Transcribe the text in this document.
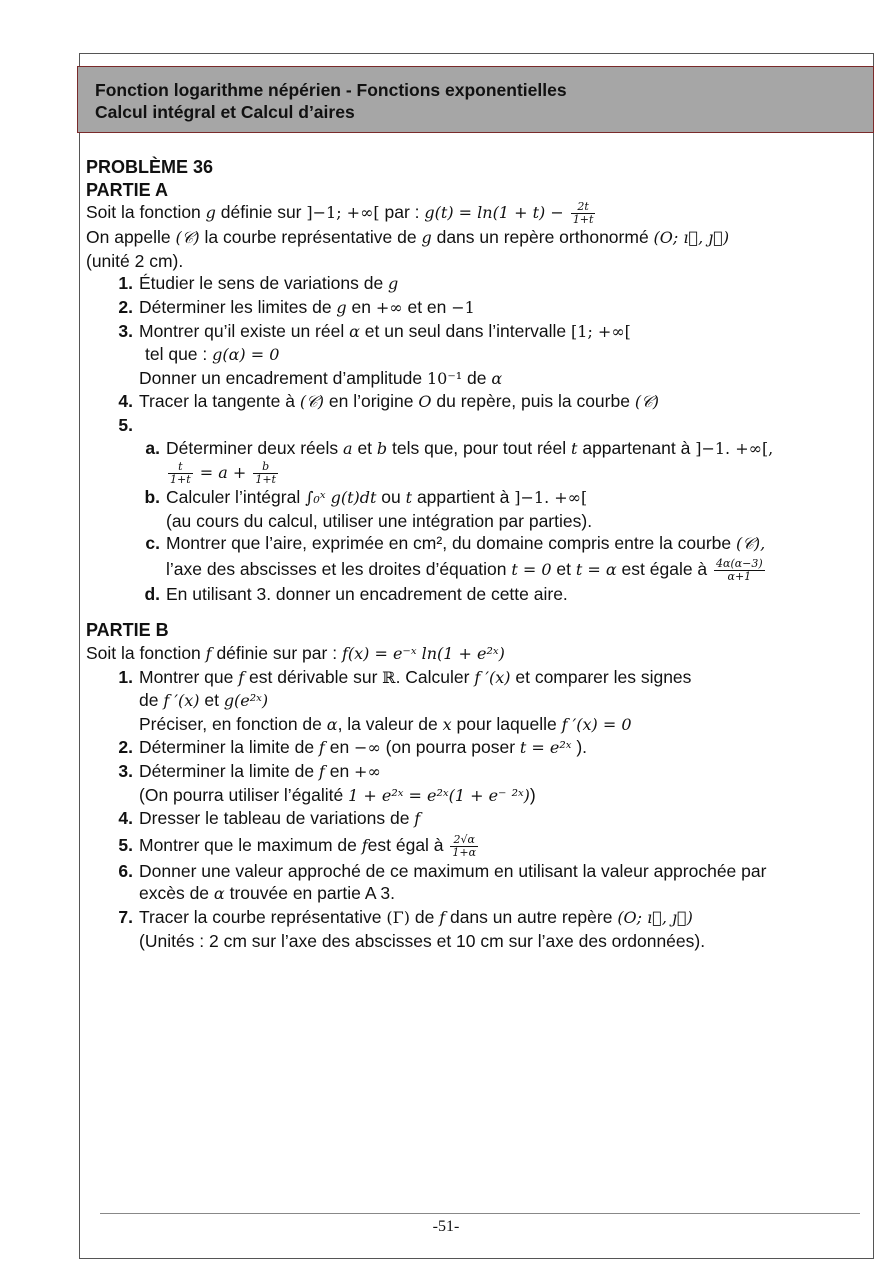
Fonction logarithme népérien - Fonctions exponentielles
Calcul intégral et Calcul d’aires
PROBLÈME 36
PARTIE A
Soit la fonction g définie sur ]−1; +∞[ par : $g(t) = \ln(1 + t) - \frac{2t}{1+t}$
On appelle (𝒞) la courbe représentative de g dans un repère orthonormé (O; ı⃗, ȷ⃗)
(unité 2 cm).
1. Étudier le sens de variations de g
2. Déterminer les limites de g en +∞ et en −1
3. Montrer qu’il existe un réel α et un seul dans l’intervalle [1; +∞[
tel que : g(α) = 0
Donner un encadrement d’amplitude 10⁻¹ de α
4. Tracer la tangente à (𝒞) en l’origine O du repère, puis la courbe (𝒞)
5.
a. Déterminer deux réels a et b tels que, pour tout réel t appartenant à ]−1. +∞[,
$\frac{t}{1+t} = a + \frac{b}{1+t}$
b. Calculer l’intégral ∫₀ˣ g(t)dt ou t appartient à ]−1. +∞[
(au cours du calcul, utiliser une intégration par parties).
c. Montrer que l’aire, exprimée en cm², du domaine compris entre la courbe (𝒞),
l’axe des abscisses et les droites d’équation t = 0 et t = α est égale à $\frac{4\alpha(\alpha-3)}{\alpha+1}$
d. En utilisant 3. donner un encadrement de cette aire.
PARTIE B
Soit la fonction f définie sur par : f(x) = e⁻ˣ ln(1 + e²ˣ)
1. Montrer que f est dérivable sur ℝ. Calculer f ′(x) et comparer les signes
de f ′(x) et g(e²ˣ)
Préciser, en fonction de α, la valeur de x pour laquelle f ′(x) = 0
2. Déterminer la limite de f en −∞ (on pourra poser t = e²ˣ ).
3. Déterminer la limite de f en +∞
(On pourra utiliser l’égalité 1 + e²ˣ = e²ˣ(1 + e⁻ ²ˣ))
4. Dresser le tableau de variations de f
5. Montrer que le maximum de fest égal à $\frac{2√\alpha}{1+\alpha}$
6. Donner une valeur approché de ce maximum en utilisant la valeur approchée par
excès de α trouvée en partie A 3.
7. Tracer la courbe représentative (Γ) de f dans un autre repère (O; ı⃗, ȷ⃗)
(Unités : 2 cm sur l’axe des abscisses et 10 cm sur l’axe des ordonnées).
-51-
